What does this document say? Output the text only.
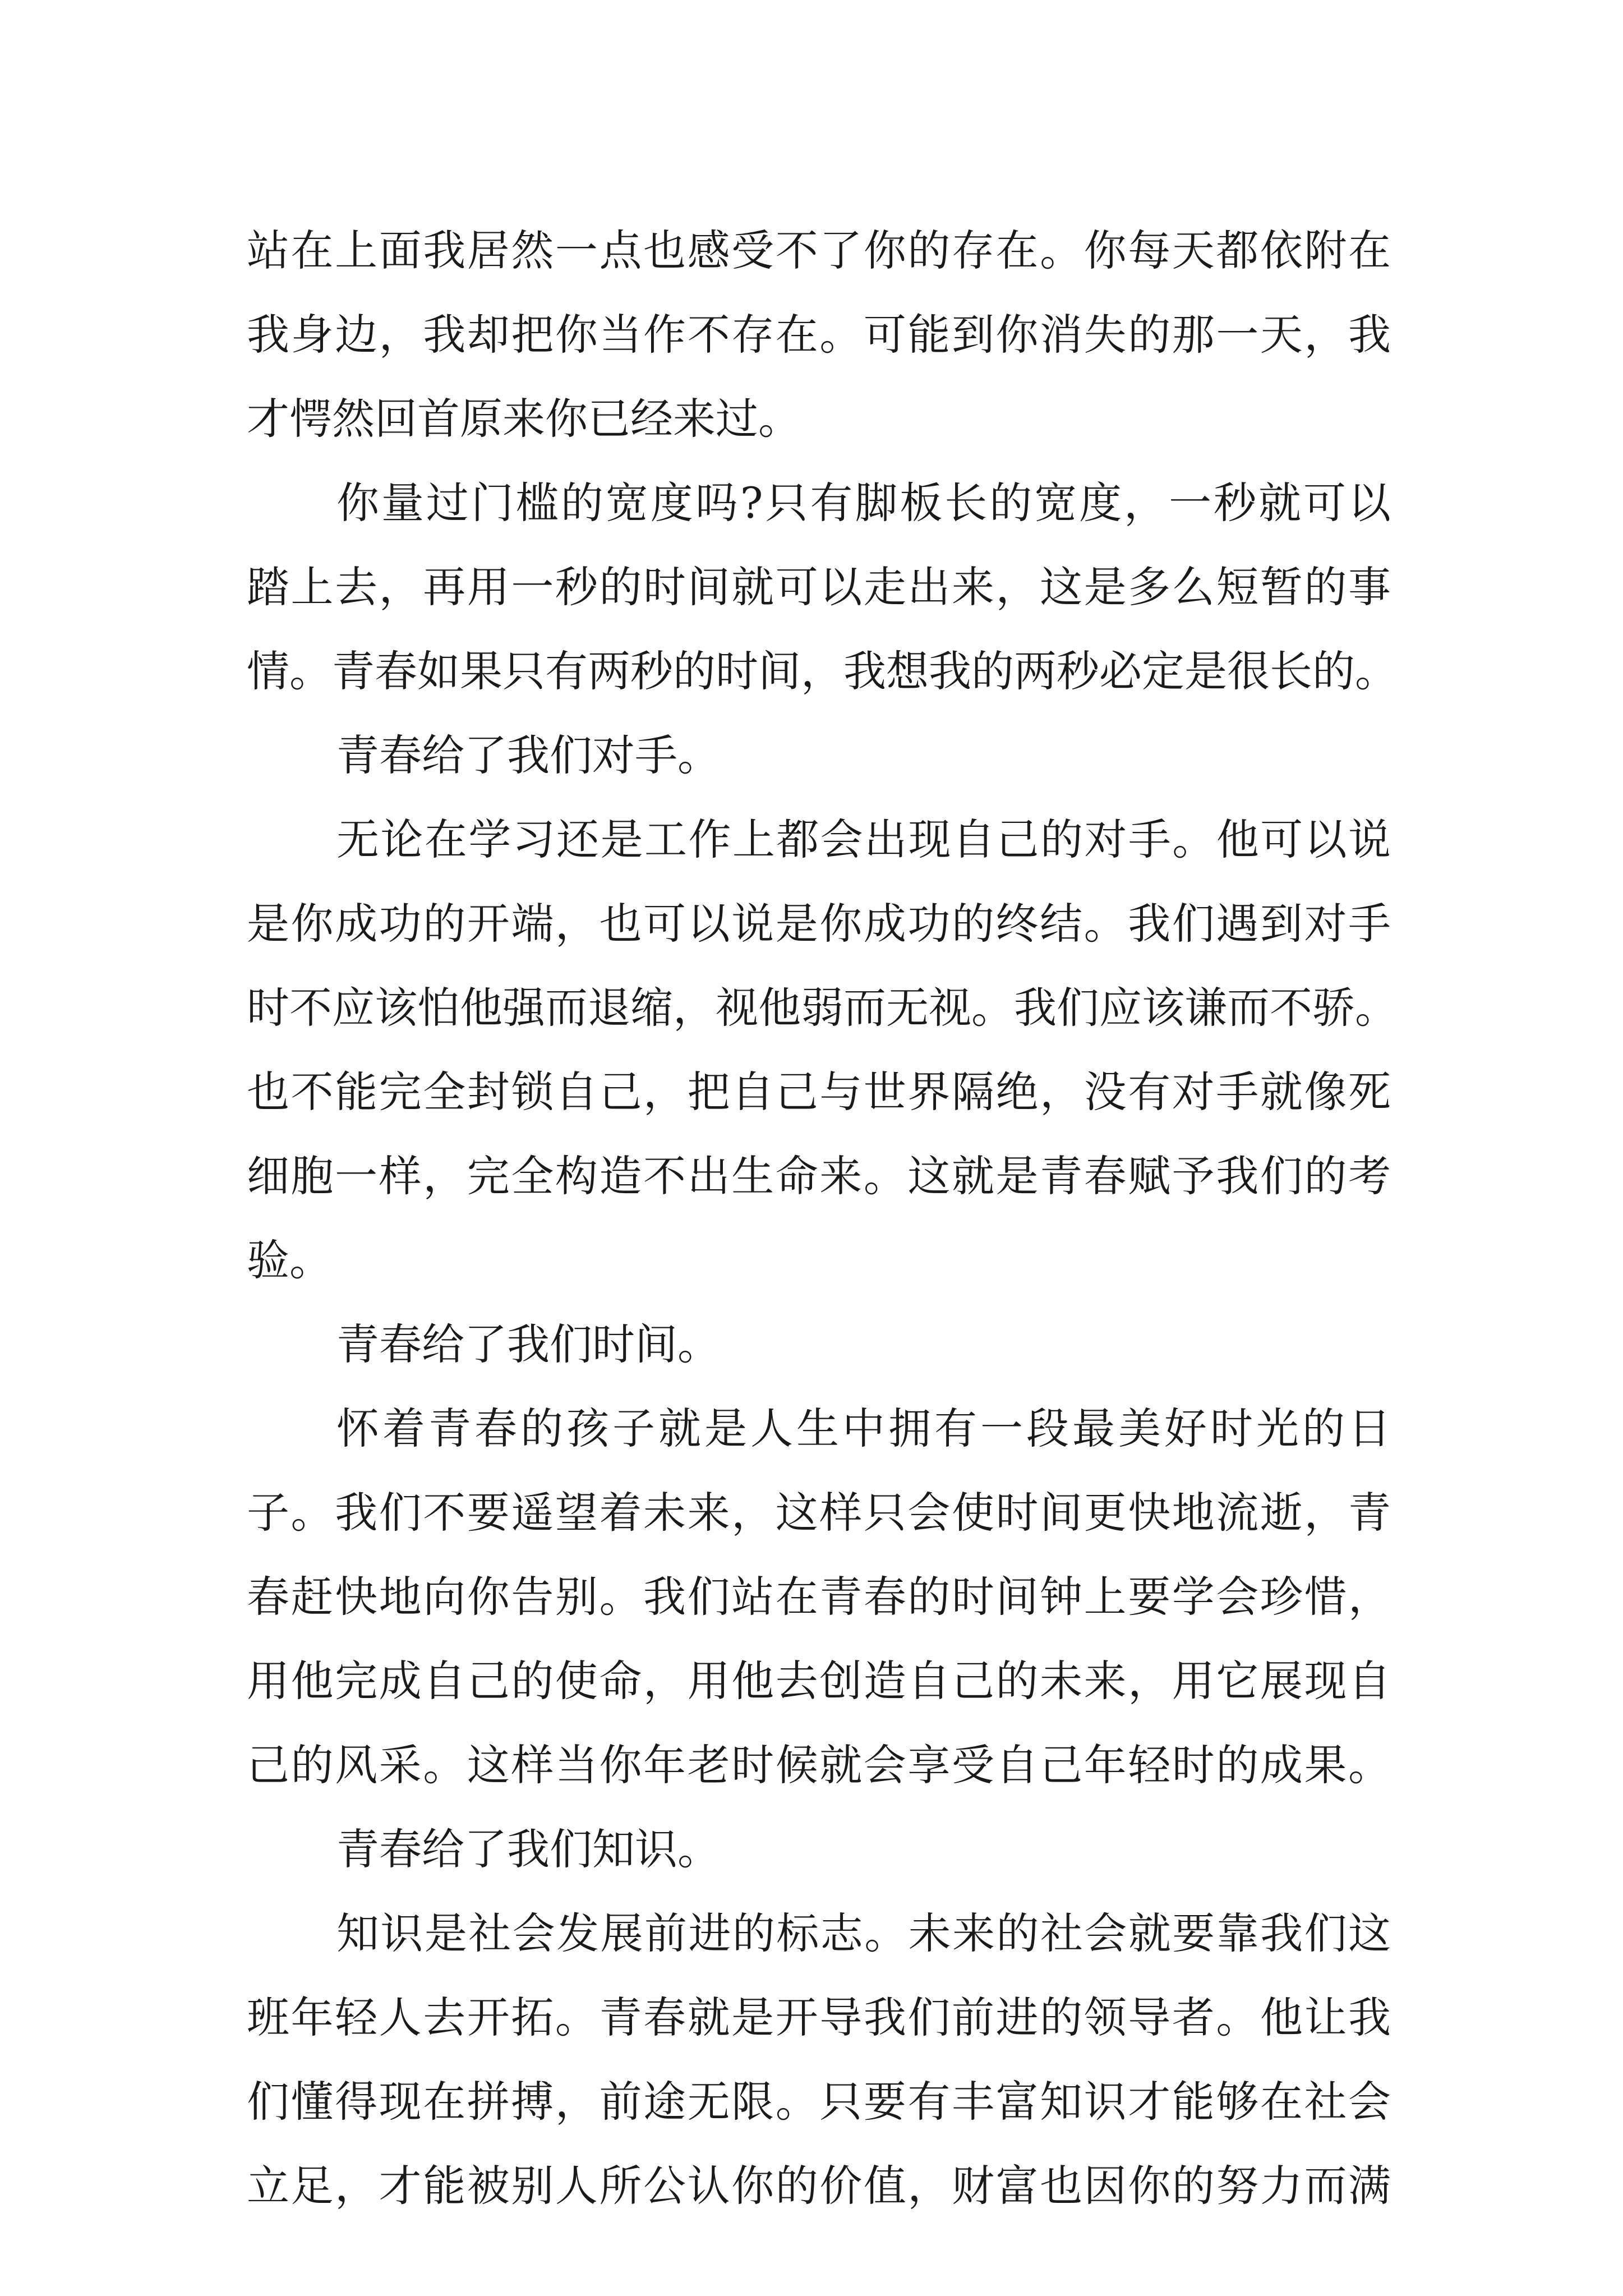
站在上面我居然一点也感受不了你的存在。你每天都依附在
我身边，我却把你当作不存在。可能到你消失的那一天，我
才愕然回首原来你已经来过。
你量过门槛的宽度吗?只有脚板长的宽度，一秒就可以
踏上去，再用一秒的时间就可以走出来，这是多么短暂的事
情。青春如果只有两秒的时间，我想我的两秒必定是很长的。
青春给了我们对手。
无论在学习还是工作上都会出现自己的对手。他可以说
是你成功的开端，也可以说是你成功的终结。我们遇到对手
时不应该怕他强而退缩，视他弱而无视。我们应该谦而不骄。
也不能完全封锁自己，把自己与世界隔绝，没有对手就像死
细胞一样，完全构造不出生命来。这就是青春赋予我们的考
验。
青春给了我们时间。
怀着青春的孩子就是人生中拥有一段最美好时光的日
子。我们不要遥望着未来，这样只会使时间更快地流逝，青
春赶快地向你告别。我们站在青春的时间钟上要学会珍惜，
用他完成自己的使命，用他去创造自己的未来，用它展现自
己的风采。这样当你年老时候就会享受自己年轻时的成果。
青春给了我们知识。
知识是社会发展前进的标志。未来的社会就要靠我们这
班年轻人去开拓。青春就是开导我们前进的领导者。他让我
们懂得现在拼搏，前途无限。只要有丰富知识才能够在社会
立足，才能被别人所公认你的价值，财富也因你的努力而满
